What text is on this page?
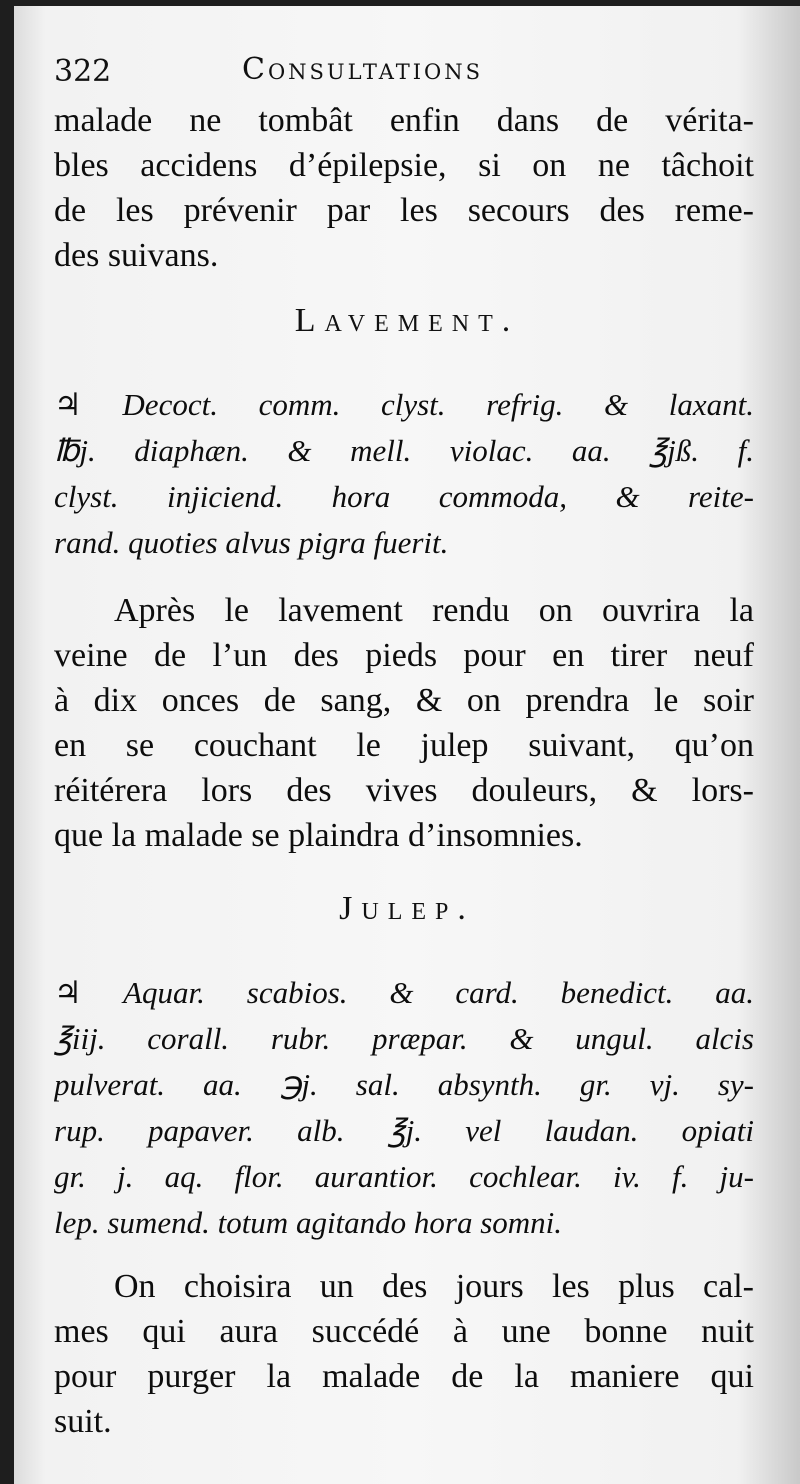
322	Consultations
malade ne tombât enfin dans de vérita-
bles accidens d’épilepsie, si on ne tâchoit
de les prévenir par les secours des reme-
des suivans.
Lavement.
♃ Decoct. comm. clyst. refrig. & laxant.
℔j. diaphæn. & mell. violac. aa. ℥jß. f.
clyst. injiciend. hora commoda, & reite-
rand. quoties alvus pigra fuerit.
Après le lavement rendu on ouvrira la
veine de l’un des pieds pour en tirer neuf
à dix onces de sang, & on prendra le soir
en se couchant le julep suivant, qu’on
réitérera lors des vives douleurs, & lors-
que la malade se plaindra d’insomnies.
Julep.
♃ Aquar. scabios. & card. benedict. aa.
℥iij. corall. rubr. præpar. & ungul. alcis
pulverat. aa. ℈j. sal. absynth. gr. vj. sy-
rup. papaver. alb. ℥j. vel laudan. opiati
gr. j. aq. flor. aurantior. cochlear. iv. f. ju-
lep. sumend. totum agitando hora somni.
On choisira un des jours les plus cal-
mes qui aura succédé à une bonne nuit
pour purger la malade de la maniere qui
suit.
